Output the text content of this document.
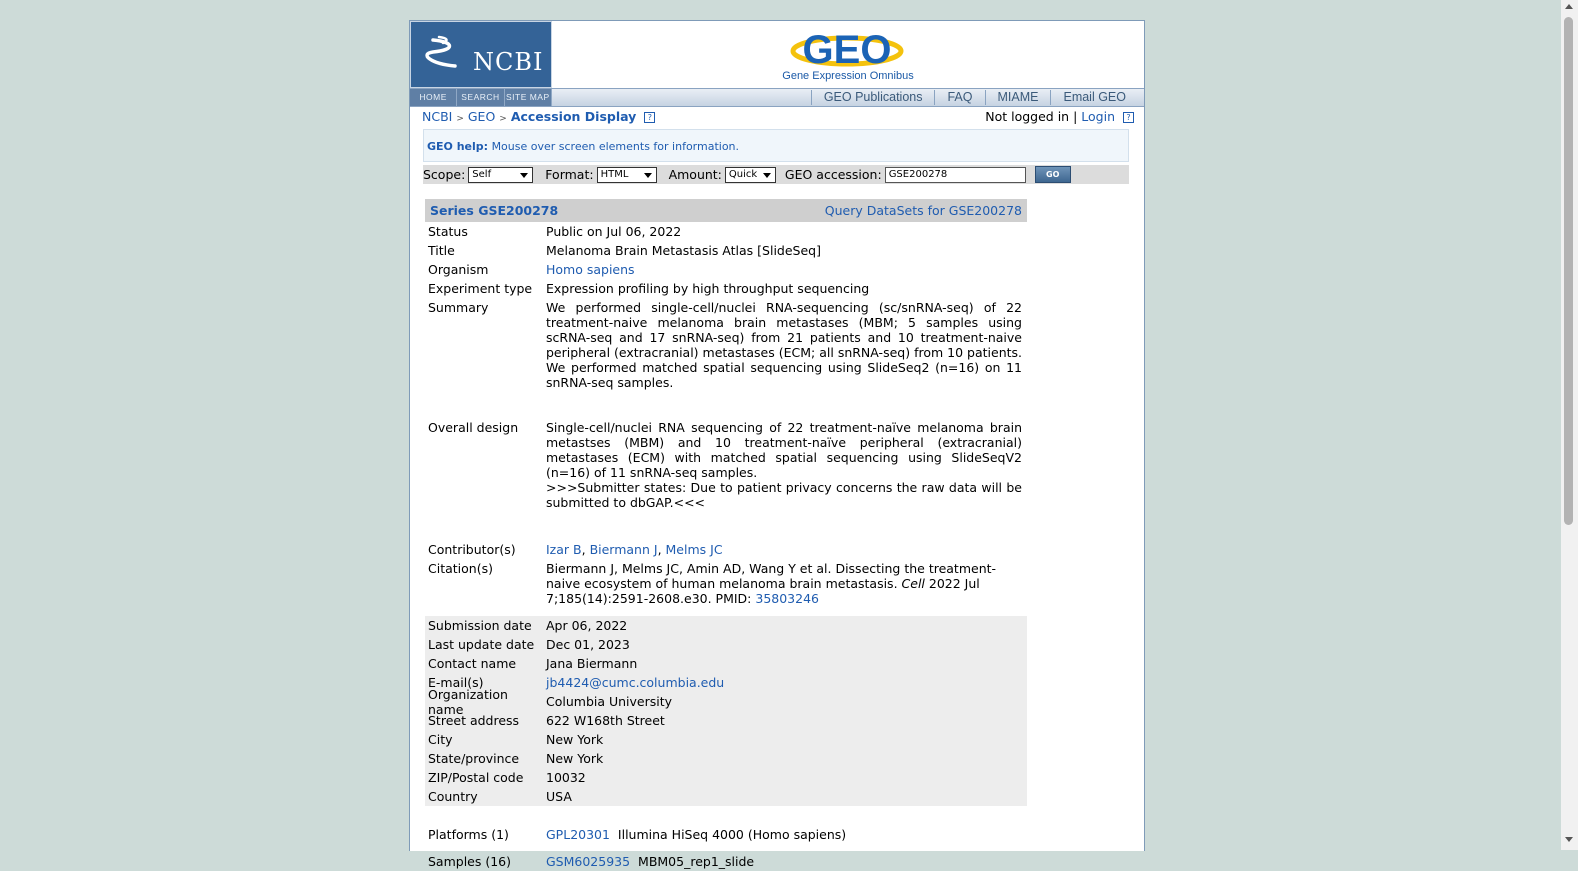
NCBI	GEO
Gene Expression Omnibus
HOME	SEARCH SITE MAP	GEO Publications	FAQ	MIAME	Email GEO
NCBI > GEO > Accession Display ?	Not logged in | Login ?
GEO help: Mouse over screen elements for information.
Scope: Self	Format: HTML	Amount: Quick	GEO accession: GSE200278	GO
Series GSE200278	Query DataSets for GSE200278
Status	Public on Jul 06, 2022
Title	Melanoma Brain Metastasis Atlas [SlideSeq]
Organism	Homo sapiens
Experiment type	Expression profiling by high throughput sequencing
Summary	We performed single-cell/nuclei RNA-sequencing (sc/snRNA-seq) of 22 treatment-naive melanoma brain metastases (MBM; 5 samples using scRNA-seq and 17 snRNA-seq) from 21 patients and 10 treatment-naive peripheral (extracranial) metastases (ECM; all snRNA-seq) from 10 patients. We performed matched spatial sequencing using SlideSeq2 (n=16) on 11 snRNA-seq samples.
Overall design	Single-cell/nuclei RNA sequencing of 22 treatment-naïve melanoma brain metastses (MBM) and 10 treatment-naïve peripheral (extracranial) metastases (ECM) with matched spatial sequencing using SlideSeqV2 (n=16) of 11 snRNA-seq samples.
>>>Submitter states: Due to patient privacy concerns the raw data will be submitted to dbGAP.<<<
Contributor(s)	Izar B, Biermann J, Melms JC
Citation(s)	Biermann J, Melms JC, Amin AD, Wang Y et al. Dissecting the treatment-naive ecosystem of human melanoma brain metastasis. Cell 2022 Jul 7;185(14):2591-2608.e30. PMID: 35803246
Submission date	Apr 06, 2022
Last update date Dec 01, 2023
Contact name	Jana Biermann
E-mail(s)	jb4424@cumc.columbia.edu
Organization name	Columbia University
Street address	622 W168th Street
City	New York
State/province	New York
ZIP/Postal code	10032
Country	USA
Platforms (1)	GPL20301 Illumina HiSeq 4000 (Homo sapiens)
Samples (16)	GSM6025935 MBM05_rep1_slide
